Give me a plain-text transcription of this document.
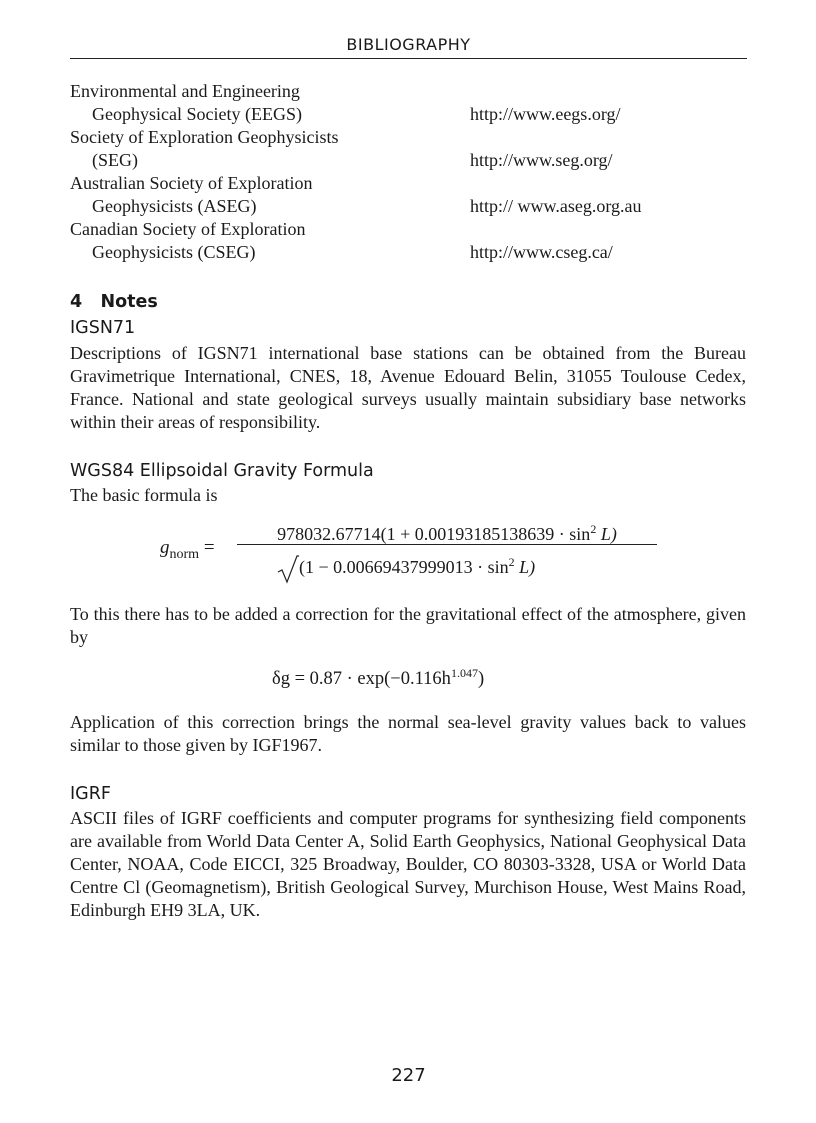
BIBLIOGRAPHY
Environmental and Engineering
Geophysical Society (EEGS)	http://www.eegs.org/
Society of Exploration Geophysicists
(SEG)	http://www.seg.org/
Australian Society of Exploration
Geophysicists (ASEG)	http:// www.aseg.org.au
Canadian Society of Exploration
Geophysicists (CSEG)	http://www.cseg.ca/
4 Notes
IGSN71

Descriptions of IGSN71 international base stations can be obtained from the Bureau Gravimetrique International, CNES, 18, Avenue Edouard Belin, 31055 Toulouse Cedex, France. National and state geological surveys usually maintain subsidiary base networks within their areas of responsibility.

WGS84 Ellipsoidal Gravity Formula

The basic formula is

$g_{norm}$ =
$978032.67714(1 + 0.00193185138639 \cdot \sin^2 L)$
$(1 - 0.00669437999013 \cdot \sin^2 L)$

To this there has to be added a correction for the gravitational effect of the atmosphere, given by

$\delta g = 0.87 \cdot \exp(-0.116h^{1.047})$

Application of this correction brings the normal sea-level gravity values back to values similar to those given by IGF1967.

IGRF

ASCII files of IGRF coefficients and computer programs for synthesizing field components are available from World Data Center A, Solid Earth Geophysics, National Geophysical Data Center, NOAA, Code EICCI, 325 Broadway, Boulder, CO 80303-3328, USA or World Data Centre Cl (Geomagnetism), British Geological Survey, Murchison House, West Mains Road, Edinburgh EH9 3LA, UK.

227
